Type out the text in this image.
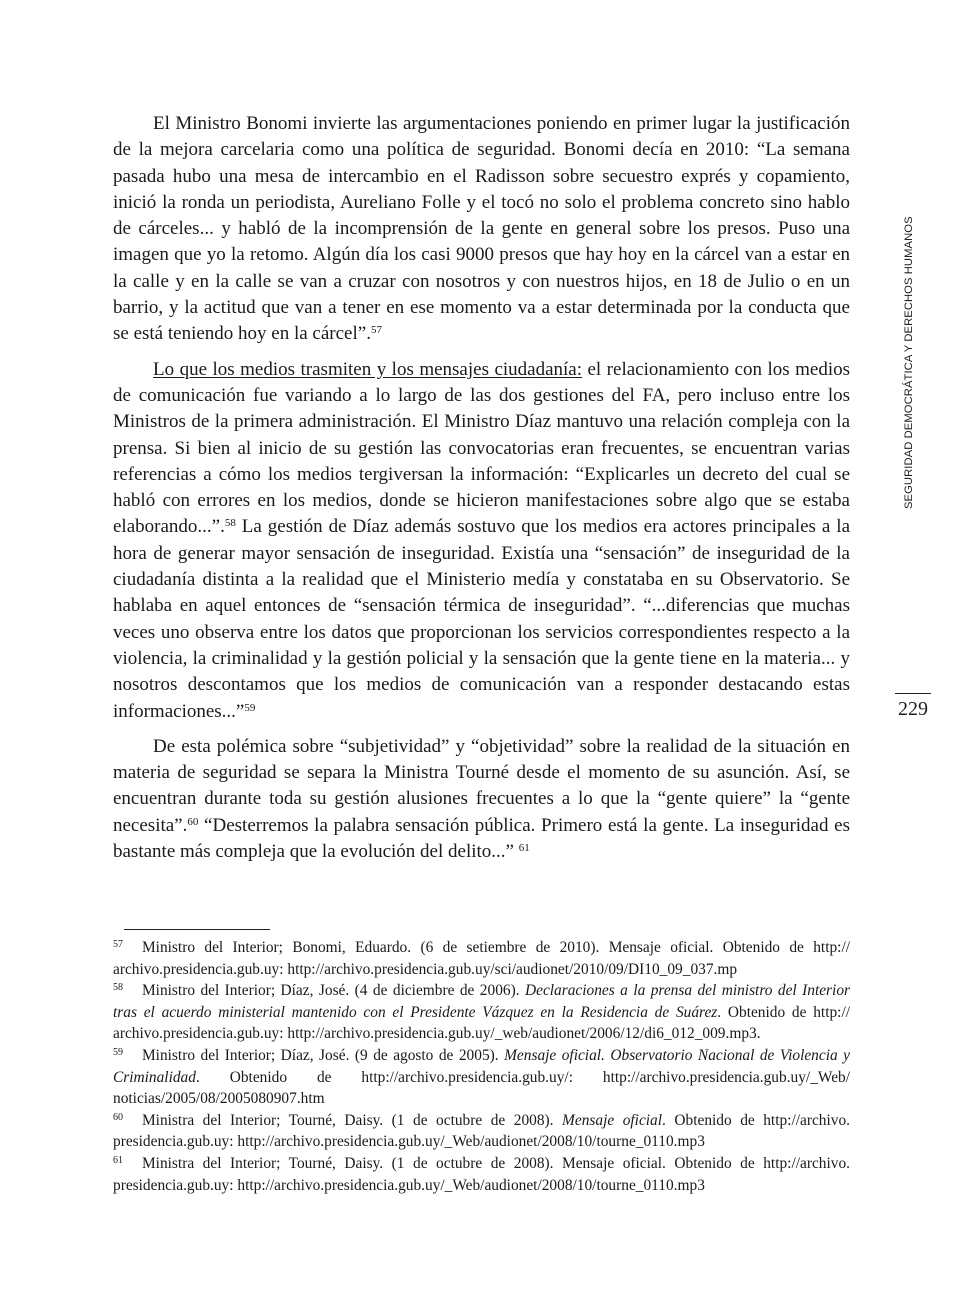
El Ministro Bonomi invierte las argumentaciones poniendo en primer lugar la justificación de la mejora carcelaria como una política de seguridad. Bonomi decía en 2010: “La semana pasada hubo una mesa de intercambio en el Radisson sobre secuestro exprés y copamiento, inició la ronda un periodista, Aureliano Folle y el tocó no solo el problema concreto sino hablo de cárceles... y habló de la incomprensión de la gente en general sobre los presos. Puso una imagen que yo la retomo. Algún día los casi 9000 presos que hay hoy en la cárcel van a estar en la calle y en la calle se van a cruzar con nosotros y con nuestros hijos, en 18 de Julio o en un barrio, y la actitud que van a tener en ese momento va a estar determinada por la conducta que se está teniendo hoy en la cárcel”.$^{57}$

Lo que los medios trasmiten y los mensajes ciudadanía: el relacionamiento con los medios de comunicación fue variando a lo largo de las dos gestiones del FA, pero incluso entre los Ministros de la primera administración. El Ministro Díaz mantuvo una relación compleja con la prensa. Si bien al inicio de su gestión las convocatorias eran frecuentes, se encuentran varias referencias a cómo los medios tergiversan la información: “Explicarles un decreto del cual se habló con errores en los medios, donde se hicieron manifestaciones sobre algo que se estaba elaborando...”.$^{58}$ La gestión de Díaz además sostuvo que los medios era actores principales a la hora de generar mayor sensación de inseguridad. Existía una “sensación” de inseguridad de la ciudadanía distinta a la realidad que el Ministerio medía y constataba en su Observatorio. Se hablaba en aquel entonces de “sensación térmica de inseguridad”. “...diferencias que muchas veces uno observa entre los datos que proporcionan los servicios correspondientes respecto a la violencia, la criminalidad y la gestión policial y la sensación que la gente tiene en la materia... y nosotros descontamos que los medios de comunicación van a responder destacando estas informaciones...”$^{59}$

De esta polémica sobre “subjetividad” y “objetividad” sobre la realidad de la situación en materia de seguridad se separa la Ministra Tourné desde el momento de su asunción. Así, se encuentran durante toda su gestión alusiones frecuentes a lo que la “gente quiere” la “gente necesita”.$^{60}$ “Desterremos la palabra sensación pública. Primero está la gente. La inseguridad es bastante más compleja que la evolución del delito...” $^{61}$

SEGURIDAD DEMOCRÁTICA Y DERECHOS HUMANOS
229

57 Ministro del Interior; Bonomi, Eduardo. (6 de setiembre de 2010). Mensaje oficial. Obtenido de http:// archivo.presidencia.gub.uy: http://archivo.presidencia.gub.uy/sci/audionet/2010/09/DI10_09_037.mp

58 Ministro del Interior; Díaz, José. (4 de diciembre de 2006). Declaraciones a la prensa del ministro del Interior tras el acuerdo ministerial mantenido con el Presidente Vázquez en la Residencia de Suárez. Obtenido de http:// archivo.presidencia.gub.uy: http://archivo.presidencia.gub.uy/_web/audionet/2006/12/di6_012_009.mp3.

59 Ministro del Interior; Díaz, José. (9 de agosto de 2005). Mensaje oficial. Observatorio Nacional de Violencia y Criminalidad. Obtenido de http://archivo.presidencia.gub.uy/: http://archivo.presidencia.gub.uy/_Web/ noticias/2005/08/2005080907.htm

60 Ministra del Interior; Tourné, Daisy. (1 de octubre de 2008). Mensaje oficial. Obtenido de http://archivo. presidencia.gub.uy: http://archivo.presidencia.gub.uy/_Web/audionet/2008/10/tourne_0110.mp3

61 Ministra del Interior; Tourné, Daisy. (1 de octubre de 2008). Mensaje oficial. Obtenido de http://archivo. presidencia.gub.uy: http://archivo.presidencia.gub.uy/_Web/audionet/2008/10/tourne_0110.mp3
